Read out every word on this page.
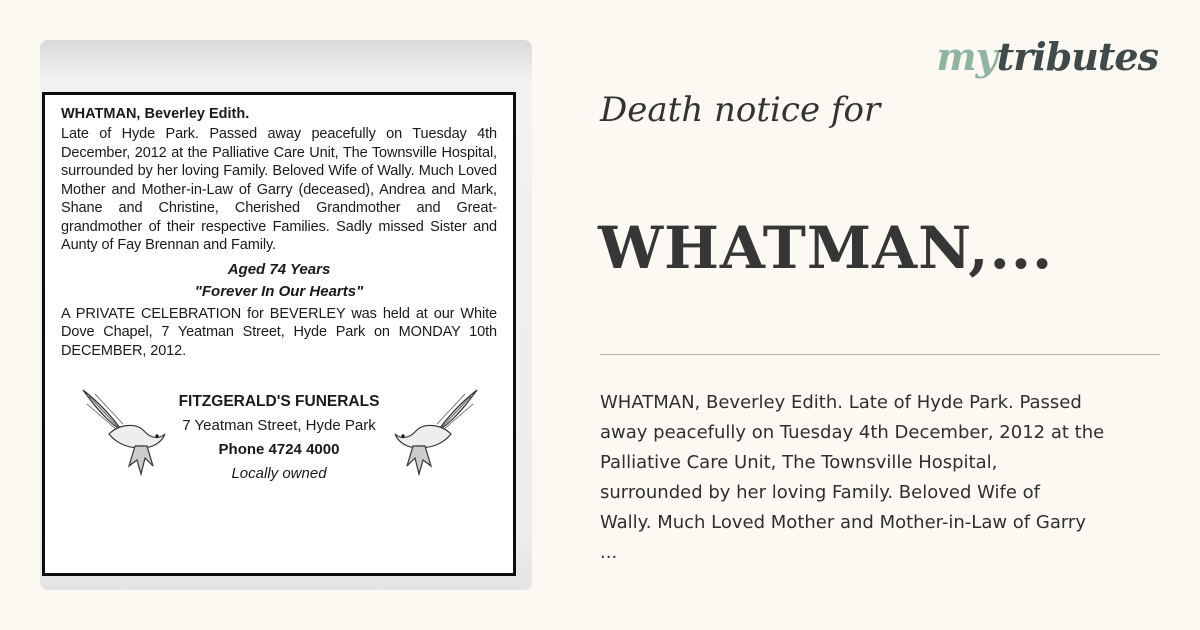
WHATMAN, Beverley Edith.
Late of Hyde Park. Passed away peacefully on Tuesday 4th December, 2012 at the Palliative Care Unit, The Townsville Hospital, surrounded by her loving Family. Beloved Wife of Wally. Much Loved Mother and Mother-in-Law of Garry (deceased), Andrea and Mark, Shane and Christine, Cherished Grandmother and Great-grandmother of their respective Families. Sadly missed Sister and Aunty of Fay Brennan and Family.
Aged 74 Years
"Forever In Our Hearts"
A PRIVATE CELEBRATION for BEVERLEY was held at our White Dove Chapel, 7 Yeatman Street, Hyde Park on MONDAY 10th DECEMBER, 2012.
FITZGERALD'S FUNERALS
7 Yeatman Street, Hyde Park
Phone 4724 4000
Locally owned
mytributes
Death notice for
WHATMAN,...
WHATMAN, Beverley Edith. Late of Hyde Park. Passed
away peacefully on Tuesday 4th December, 2012 at the
Palliative Care Unit, The Townsville Hospital,
surrounded by her loving Family. Beloved Wife of
Wally. Much Loved Mother and Mother-in-Law of Garry
...
